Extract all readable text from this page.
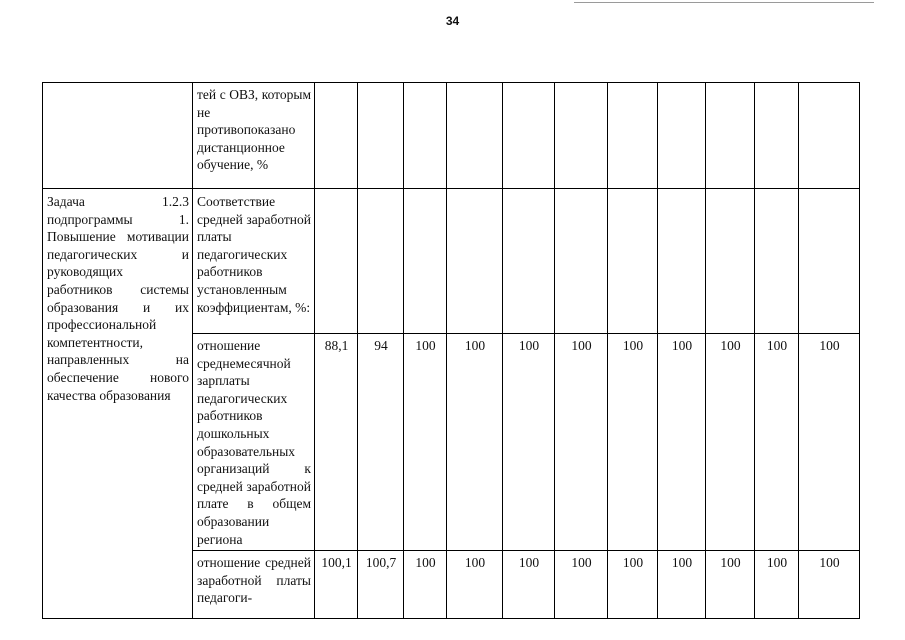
34
	тей с ОВЗ, которым не противопоказано дистанционное обучение, %											
Задача 1.2.3 подпрограммы 1. Повышение мотивации педагогических и руководящих работников системы образования и их профессиональной компетентности, направленных на обеспечение нового качества образования	Соответствие средней заработной платы педагогических работников установленным коэффициентам, %:											
	отношение среднемесячной зарплаты педагогических работников дошкольных образовательных организаций к средней заработной плате в общем образовании региона	88,1	94	100	100	100	100	100	100	100	100	100
	отношение средней заработной платы педагоги-	100,1	100,7	100	100	100	100	100	100	100	100	100
